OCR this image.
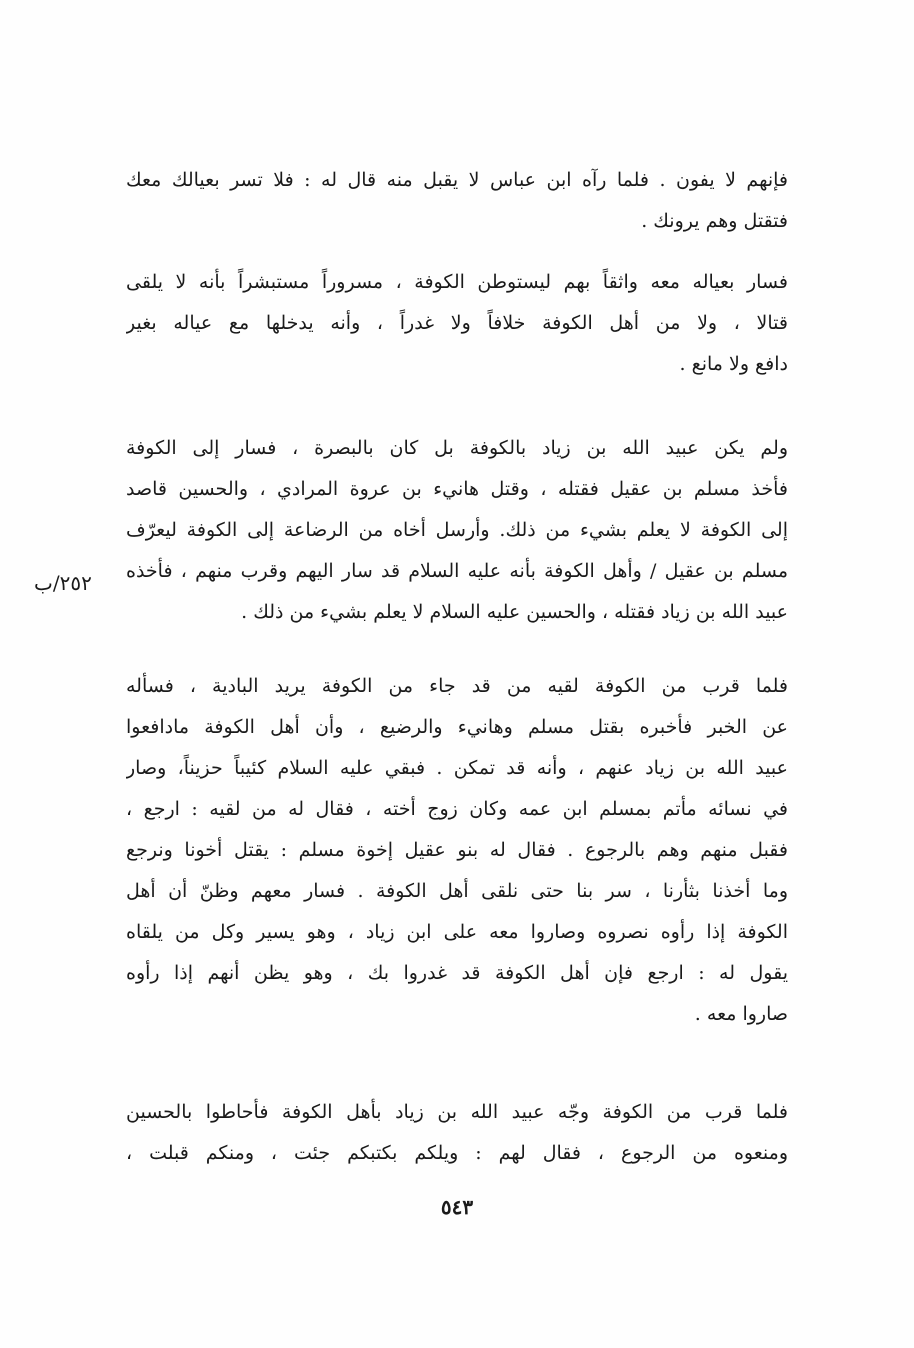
فإنهم لا يفون . فلما رآه ابن عباس لا يقبل منه قال له : فلا تسر بعيالك معك
فتقتل وهم يرونك .
فسار بعياله معه واثقاً بهم ليستوطن الكوفة ، مسروراً مستبشراً بأنه لا يلقى
قتالا ، ولا من أهل الكوفة خلافاً ولا غدراً ، وأنه يدخلها مع عياله بغير
دافع ولا مانع .
ولم يكن عبيد الله بن زياد بالكوفة بل كان بالبصرة ، فسار إلى الكوفة
فأخذ مسلم بن عقيل فقتله ، وقتل هانيء بن عروة المرادي ، والحسين قاصد
إلى الكوفة لا يعلم بشيء من ذلك. وأرسل أخاه من الرضاعة إلى الكوفة ليعرّف
مسلم بن عقيل / وأهل الكوفة بأنه عليه السلام قد سار اليهم وقرب منهم ، فأخذه
عبيد الله بن زياد فقتله ، والحسين عليه السلام لا يعلم بشيء من ذلك .
٢٥٢/ب
فلما قرب من الكوفة لقيه من قد جاء من الكوفة يريد البادية ، فسأله
عن الخبر فأخبره بقتل مسلم وهانيء والرضيع ، وأن أهل الكوفة مادافعوا
عبيد الله بن زياد عنهم ، وأنه قد تمكن . فبقي عليه السلام كئيباً حزيناً، وصار
في نسائه مأتم بمسلم ابن عمه وكان زوج أخته ، فقال له من لقيه : ارجع ،
فقبل منهم وهم بالرجوع . فقال له بنو عقيل إخوة مسلم : يقتل أخونا ونرجع
وما أخذنا بثأرنا ، سر بنا حتى نلقى أهل الكوفة . فسار معهم وظنّ أن أهل
الكوفة إذا رأوه نصروه وصاروا معه على ابن زياد ، وهو يسير وكل من يلقاه
يقول له : ارجع فإن أهل الكوفة قد غدروا بك ، وهو يظن أنهم إذا رأوه
صاروا معه .
فلما قرب من الكوفة وجّه عبيد الله بن زياد بأهل الكوفة فأحاطوا بالحسين
ومنعوه من الرجوع ، فقال لهم : ويلكم بكتبكم جئت ، ومنكم قبلت ،
٥٤٣
